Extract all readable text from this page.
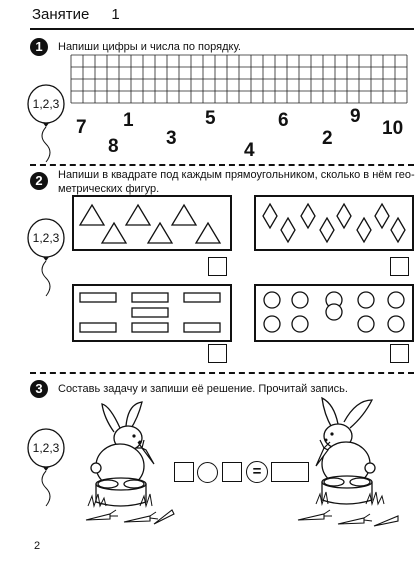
Занятие 1
1	Напиши цифры и числа по порядку.
1,2,3
7
8
1
3
5
4
6
2
9
10
2	Напиши в квадрате под каждым прямоугольником, сколько в нём гео-
метрических фигур.
1,2,3
3	Составь задачу и запиши её решение. Прочитай запись.
1,2,3
=
2
